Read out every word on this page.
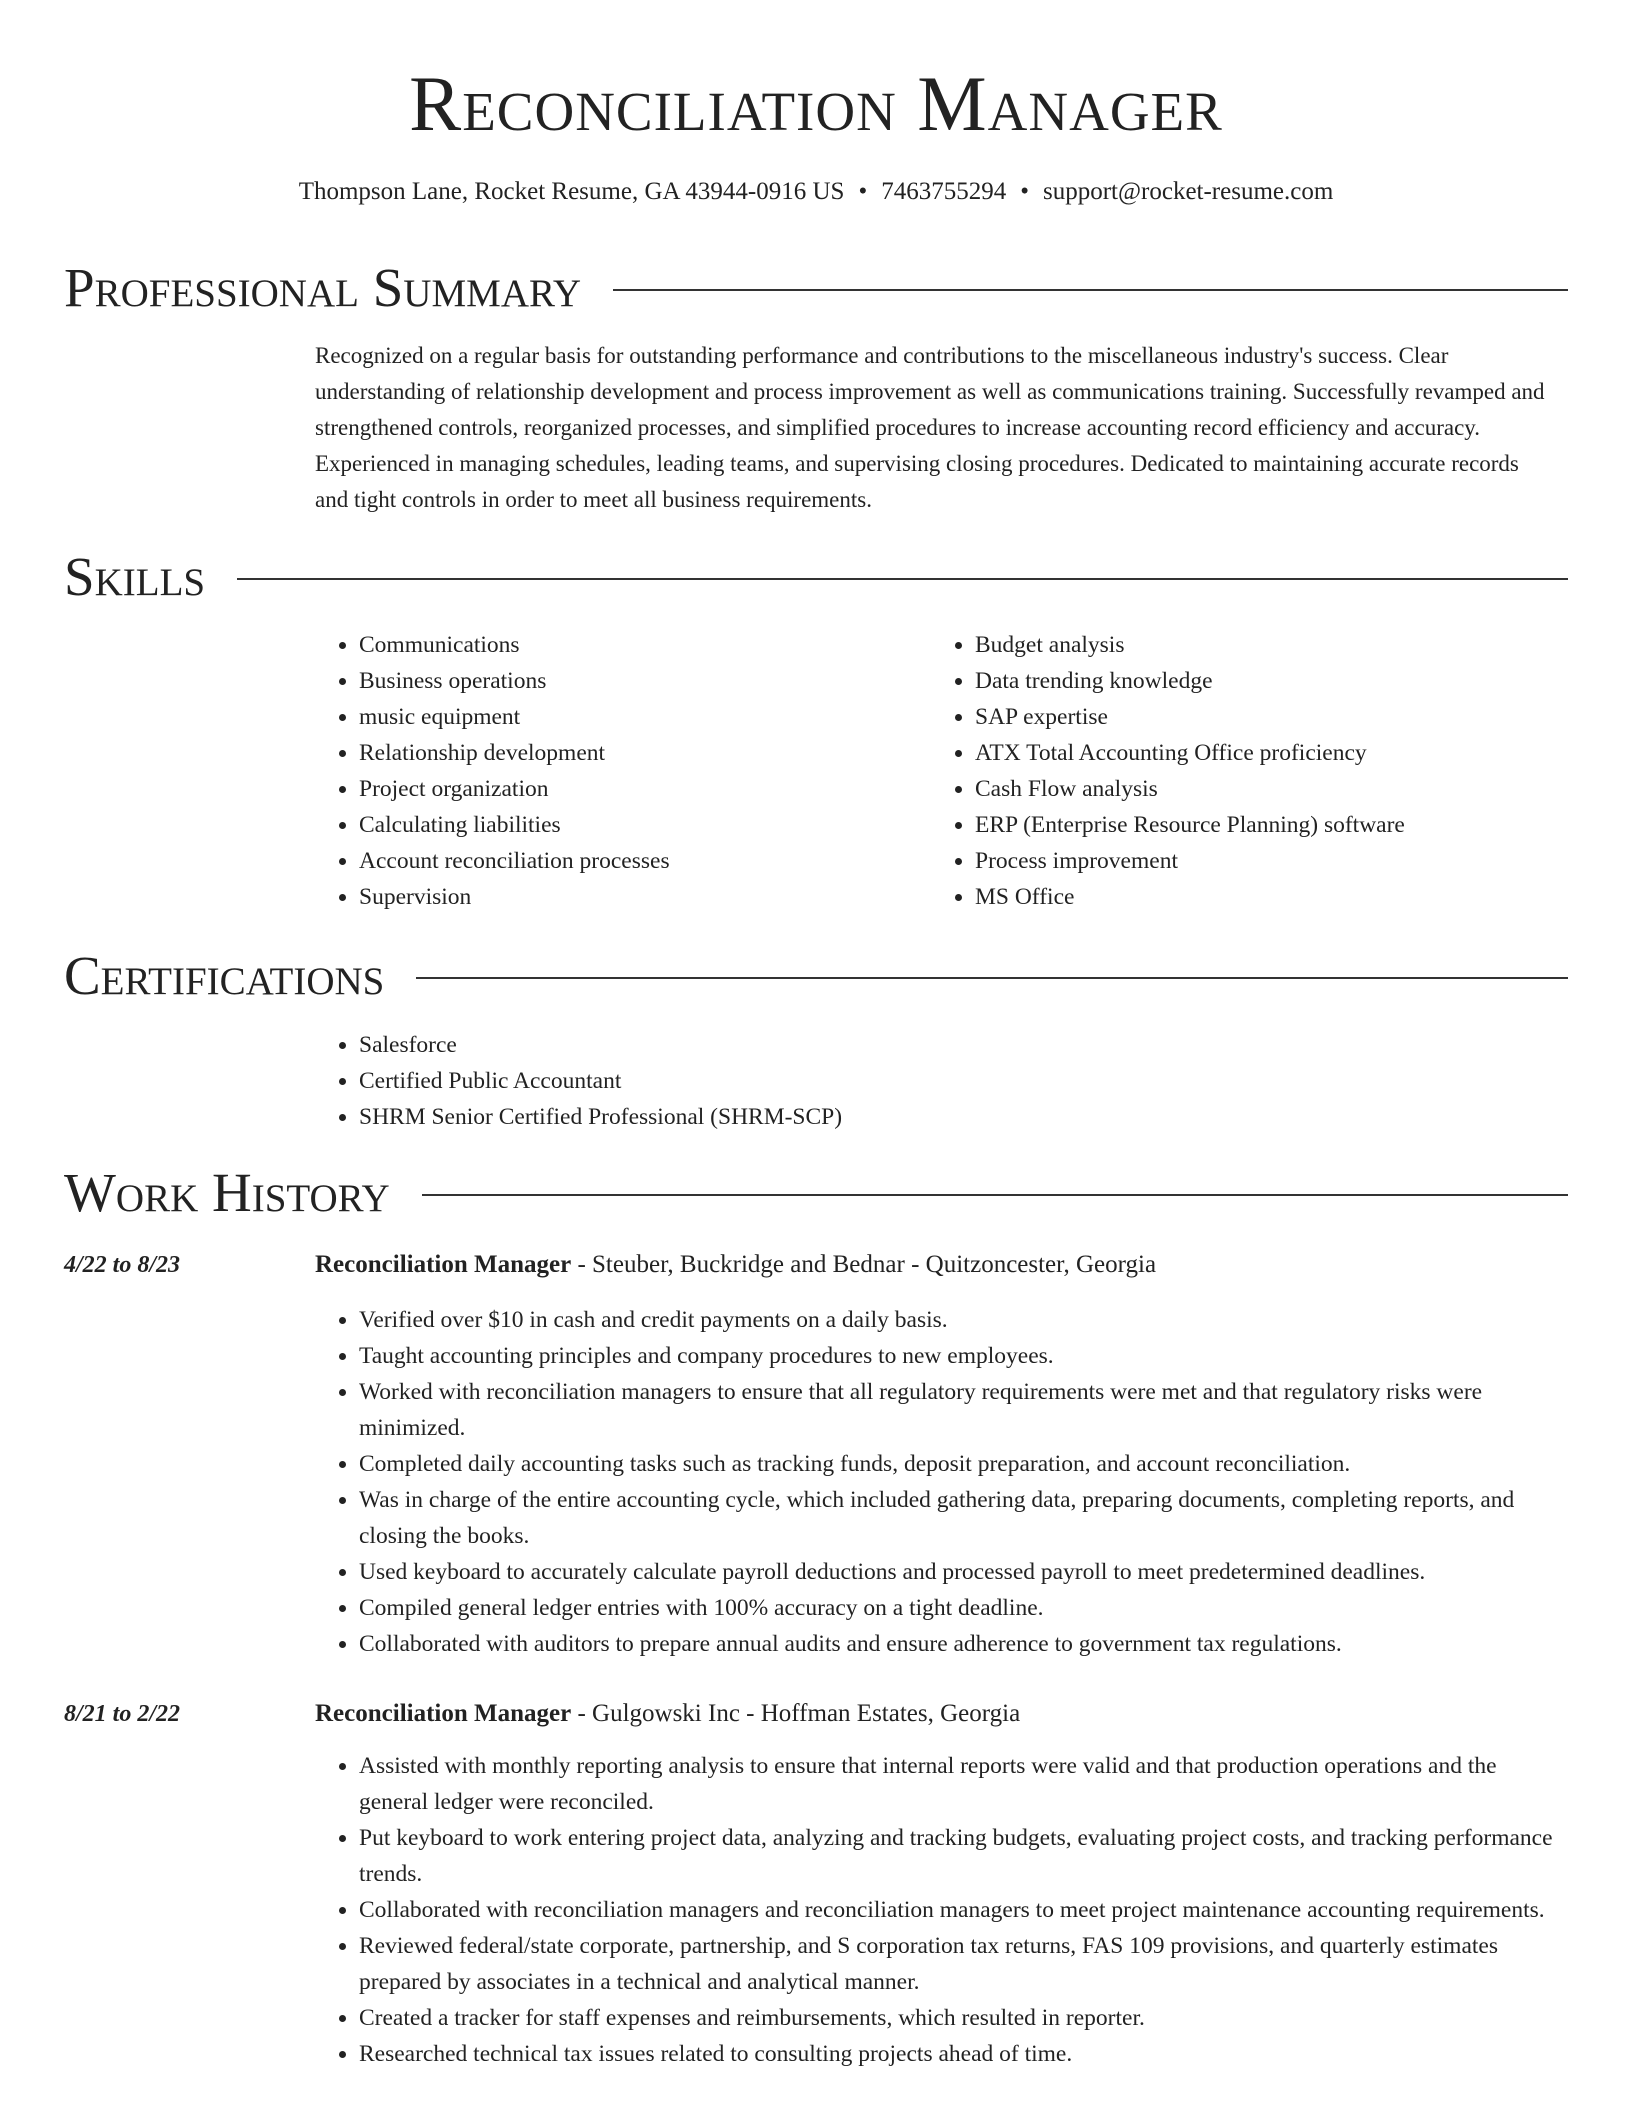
Reconciliation Manager
Thompson Lane, Rocket Resume, GA 43944-0916 US • 7463755294 • support@rocket-resume.com
Professional Summary
Recognized on a regular basis for outstanding performance and contributions to the miscellaneous industry's success. Clear understanding of relationship development and process improvement as well as communications training. Successfully revamped and strengthened controls, reorganized processes, and simplified procedures to increase accounting record efficiency and accuracy. Experienced in managing schedules, leading teams, and supervising closing procedures. Dedicated to maintaining accurate records and tight controls in order to meet all business requirements.
Skills
• Communications
• Business operations
• music equipment
• Relationship development
• Project organization
• Calculating liabilities
• Account reconciliation processes
• Supervision
• Budget analysis
• Data trending knowledge
• SAP expertise
• ATX Total Accounting Office proficiency
• Cash Flow analysis
• ERP (Enterprise Resource Planning) software
• Process improvement
• MS Office
Certifications
• Salesforce
• Certified Public Accountant
• SHRM Senior Certified Professional (SHRM-SCP)
Work History
4/22 to 8/23	Reconciliation Manager - Steuber, Buckridge and Bednar - Quitzoncester, Georgia
• Verified over $10 in cash and credit payments on a daily basis.
• Taught accounting principles and company procedures to new employees.
• Worked with reconciliation managers to ensure that all regulatory requirements were met and that regulatory risks were minimized.
• Completed daily accounting tasks such as tracking funds, deposit preparation, and account reconciliation.
• Was in charge of the entire accounting cycle, which included gathering data, preparing documents, completing reports, and closing the books.
• Used keyboard to accurately calculate payroll deductions and processed payroll to meet predetermined deadlines.
• Compiled general ledger entries with 100% accuracy on a tight deadline.
• Collaborated with auditors to prepare annual audits and ensure adherence to government tax regulations.
8/21 to 2/22	Reconciliation Manager - Gulgowski Inc - Hoffman Estates, Georgia
• Assisted with monthly reporting analysis to ensure that internal reports were valid and that production operations and the general ledger were reconciled.
• Put keyboard to work entering project data, analyzing and tracking budgets, evaluating project costs, and tracking performance trends.
• Collaborated with reconciliation managers and reconciliation managers to meet project maintenance accounting requirements.
• Reviewed federal/state corporate, partnership, and S corporation tax returns, FAS 109 provisions, and quarterly estimates prepared by associates in a technical and analytical manner.
• Created a tracker for staff expenses and reimbursements, which resulted in reporter.
• Researched technical tax issues related to consulting projects ahead of time.
